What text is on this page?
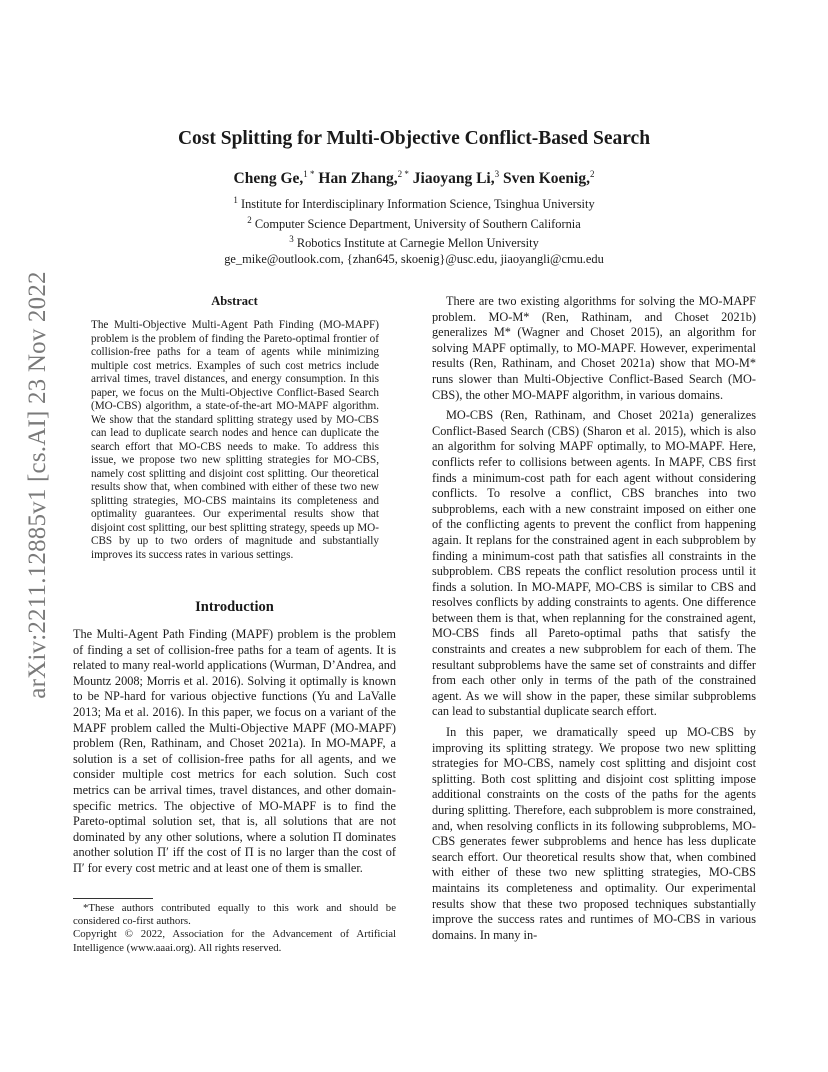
arXiv:2211.12885v1 [cs.AI] 23 Nov 2022
Cost Splitting for Multi-Objective Conflict-Based Search
Cheng Ge,$^{1 *}$ Han Zhang,$^{2 *}$ Jiaoyang Li,$^3$ Sven Koenig,$^2$
$^1$ Institute for Interdisciplinary Information Science, Tsinghua University
$^2$ Computer Science Department, University of Southern California
$^3$ Robotics Institute at Carnegie Mellon University
ge_mike@outlook.com, {zhan645, skoenig}@usc.edu, jiaoyangli@cmu.edu
Abstract

The Multi-Objective Multi-Agent Path Finding (MO-MAPF) problem is the problem of finding the Pareto-optimal frontier of collision-free paths for a team of agents while minimizing multiple cost metrics. Examples of such cost metrics include arrival times, travel distances, and energy consumption. In this paper, we focus on the Multi-Objective Conflict-Based Search (MO-CBS) algorithm, a state-of-the-art MO-MAPF algorithm. We show that the standard splitting strategy used by MO-CBS can lead to duplicate search nodes and hence can duplicate the search effort that MO-CBS needs to make. To address this issue, we propose two new splitting strategies for MO-CBS, namely cost splitting and disjoint cost splitting. Our theoretical results show that, when combined with either of these two new splitting strategies, MO-CBS maintains its completeness and optimality guarantees. Our experimental results show that disjoint cost splitting, our best splitting strategy, speeds up MO-CBS by up to two orders of magnitude and substantially improves its success rates in various settings.

Introduction

The Multi-Agent Path Finding (MAPF) problem is the problem of finding a set of collision-free paths for a team of agents. It is related to many real-world applications (Wurman, D’Andrea, and Mountz 2008; Morris et al. 2016). Solving it optimally is known to be NP-hard for various objective functions (Yu and LaValle 2013; Ma et al. 2016). In this paper, we focus on a variant of the MAPF problem called the Multi-Objective MAPF (MO-MAPF) problem (Ren, Rathinam, and Choset 2021a). In MO-MAPF, a solution is a set of collision-free paths for all agents, and we consider multiple cost metrics for each solution. Such cost metrics can be arrival times, travel distances, and other domain-specific metrics. The objective of MO-MAPF is to find the Pareto-optimal solution set, that is, all solutions that are not dominated by any other solutions, where a solution Π dominates another solution Π′ iff the cost of Π is no larger than the cost of Π′ for every cost metric and at least one of them is smaller.

*These authors contributed equally to this work and should be considered co-first authors.

Copyright © 2022, Association for the Advancement of Artificial Intelligence (www.aaai.org). All rights reserved.

There are two existing algorithms for solving the MO-MAPF problem. MO-M* (Ren, Rathinam, and Choset 2021b) generalizes M* (Wagner and Choset 2015), an algorithm for solving MAPF optimally, to MO-MAPF. However, experimental results (Ren, Rathinam, and Choset 2021a) show that MO-M* runs slower than Multi-Objective Conflict-Based Search (MO-CBS), the other MO-MAPF algorithm, in various domains.

MO-CBS (Ren, Rathinam, and Choset 2021a) generalizes Conflict-Based Search (CBS) (Sharon et al. 2015), which is also an algorithm for solving MAPF optimally, to MO-MAPF. Here, conflicts refer to collisions between agents. In MAPF, CBS first finds a minimum-cost path for each agent without considering conflicts. To resolve a conflict, CBS branches into two subproblems, each with a new constraint imposed on either one of the conflicting agents to prevent the conflict from happening again. It replans for the constrained agent in each subproblem by finding a minimum-cost path that satisfies all constraints in the subproblem. CBS repeats the conflict resolution process until it finds a solution. In MO-MAPF, MO-CBS is similar to CBS and resolves conflicts by adding constraints to agents. One difference between them is that, when replanning for the constrained agent, MO-CBS finds all Pareto-optimal paths that satisfy the constraints and creates a new subproblem for each of them. The resultant subproblems have the same set of constraints and differ from each other only in terms of the path of the constrained agent. As we will show in the paper, these similar subproblems can lead to substantial duplicate search effort.

In this paper, we dramatically speed up MO-CBS by improving its splitting strategy. We propose two new splitting strategies for MO-CBS, namely cost splitting and disjoint cost splitting. Both cost splitting and disjoint cost splitting impose additional constraints on the costs of the paths for the agents during splitting. Therefore, each subproblem is more constrained, and, when resolving conflicts in its following subproblems, MO-CBS generates fewer subproblems and hence has less duplicate search effort. Our theoretical results show that, when combined with either of these two new splitting strategies, MO-CBS maintains its completeness and optimality. Our experimental results show that these two proposed techniques substantially improve the success rates and runtimes of MO-CBS in various domains. In many in-
